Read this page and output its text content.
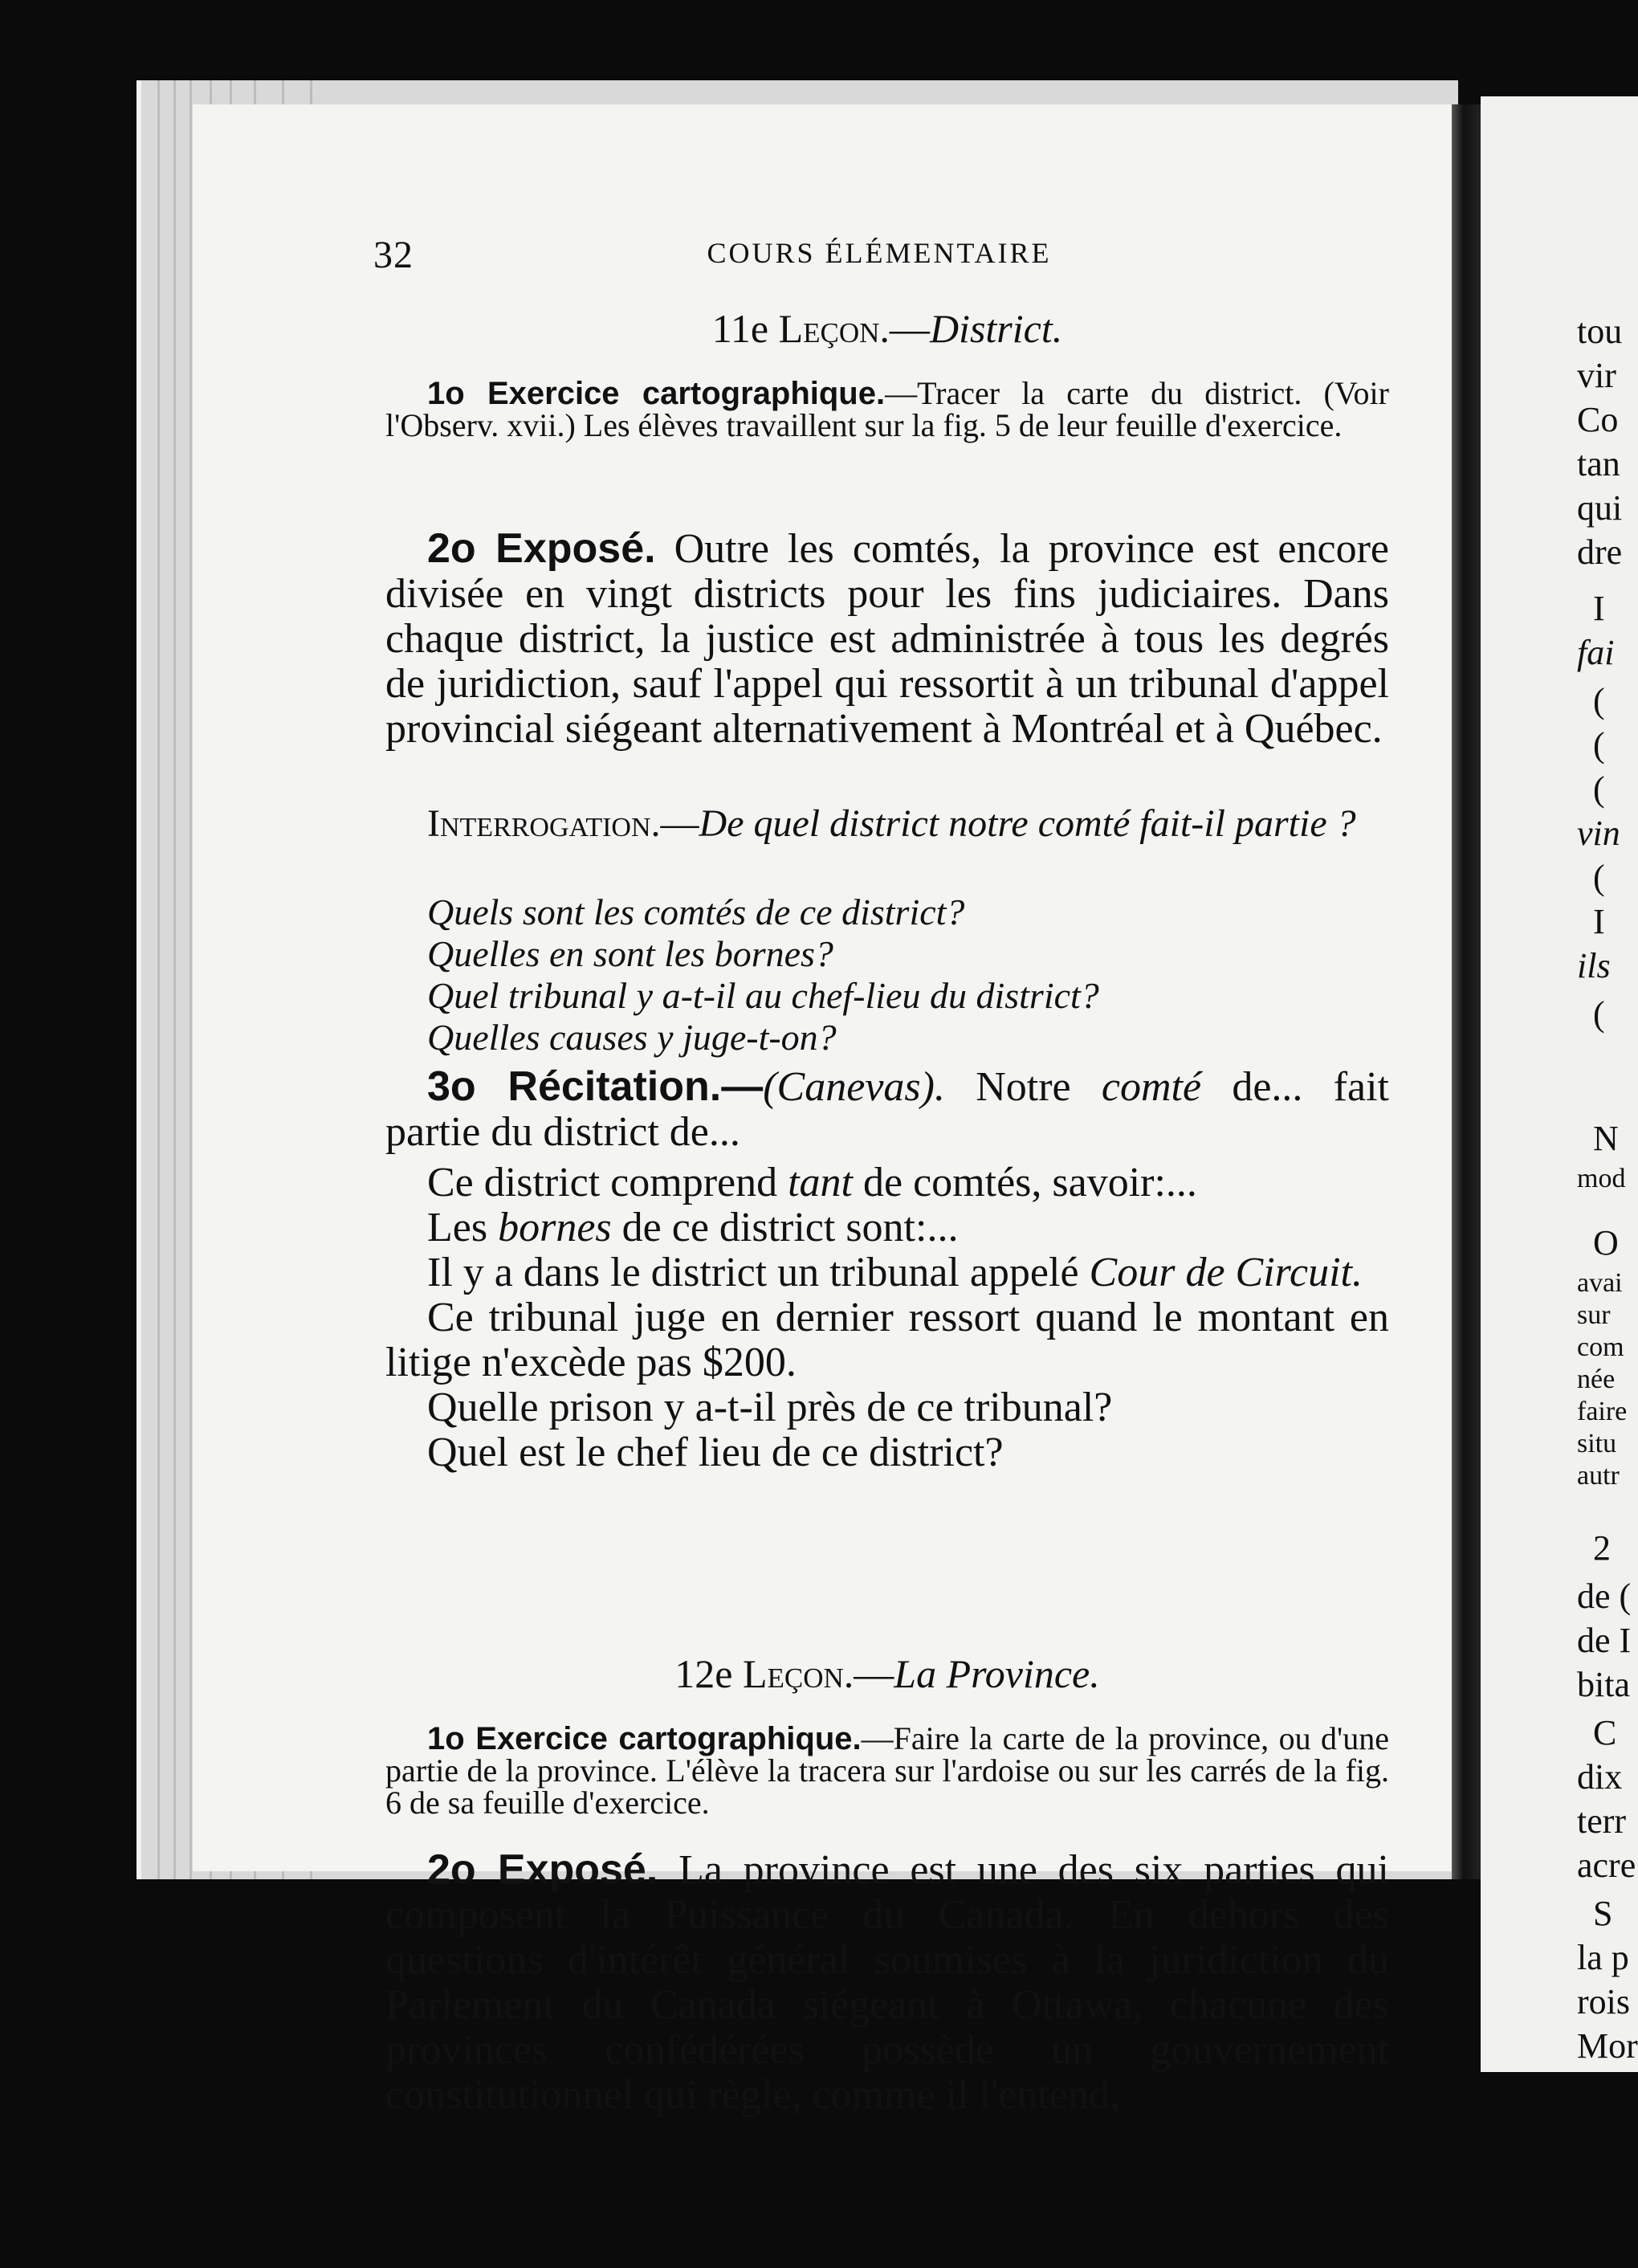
32	COURS ÉLÉMENTAIRE
11e Leçon.—District.
1o Exercice cartographique.—Tracer la carte du district. (Voir l'Observ. xvii.) Les élèves travaillent sur la fig. 5 de leur feuille d'exercice.
2o Exposé. Outre les comtés, la province est encore divisée en vingt districts pour les fins judiciaires. Dans chaque district, la justice est administrée à tous les degrés de juridiction, sauf l'appel qui ressortit à un tribunal d'appel provincial siégeant alternativement à Montréal et à Québec.
Interrogation.—De quel district notre comté fait-il partie ?
Quels sont les comtés de ce district?
Quelles en sont les bornes?
Quel tribunal y a-t-il au chef-lieu du district?
Quelles causes y juge-t-on?
3o Récitation.—(Canevas). Notre comté de... fait partie du district de...
Ce district comprend tant de comtés, savoir:...
Les bornes de ce district sont:...
Il y a dans le district un tribunal appelé Cour de Circuit.
Ce tribunal juge en dernier ressort quand le montant en litige n'excède pas $200.
Quelle prison y a-t-il près de ce tribunal?
Quel est le chef lieu de ce district?
12e Leçon.—La Province.
1o Exercice cartographique.—Faire la carte de la province, ou d'une partie de la province. L'élève la tracera sur l'ardoise ou sur les carrés de la fig. 6 de sa feuille d'exercice.
2o Exposé. La province est une des six parties qui composent la Puissance du Canada. En dehors des questions d'intérêt général soumises à la juridiction du Parlement du Canada siégeant à Ottawa, chacune des provinces confédérées possède un gouvernement constitutionnel qui règle, comme il l'entend,
tou
vir
Co
tan
qui
dre
I
fai
(
(
(
vin
(
I
ils
(
N
mod
O
avai
sur
com
née
faire
situ
autr
2
de (
de I
bita
C
dix
terr
acre
S
la p
rois
Mor
